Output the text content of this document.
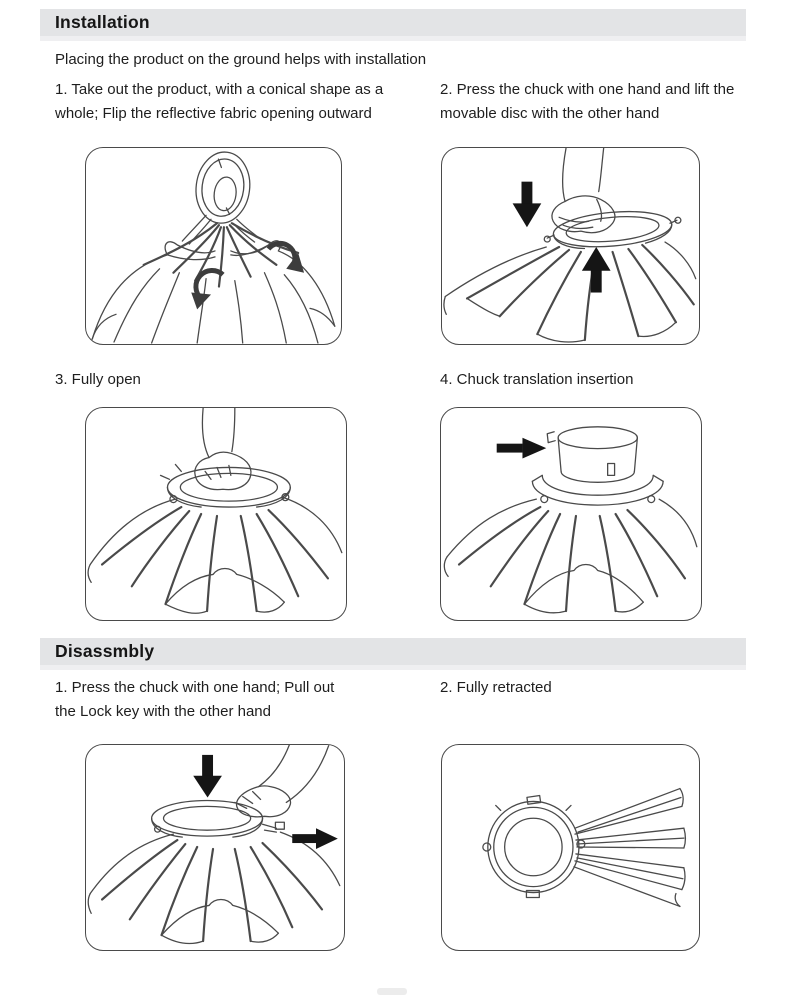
Installation
Placing the product on the ground helps with installation
1. Take out the product, with a conical shape as a
whole; Flip the reflective fabric opening outward
2. Press the chuck with one hand and lift the
movable disc with the other hand
3. Fully open	4. Chuck translation insertion
Disassmbly
1. Press the chuck with one hand; Pull out
the Lock key with the other hand
2. Fully retracted
